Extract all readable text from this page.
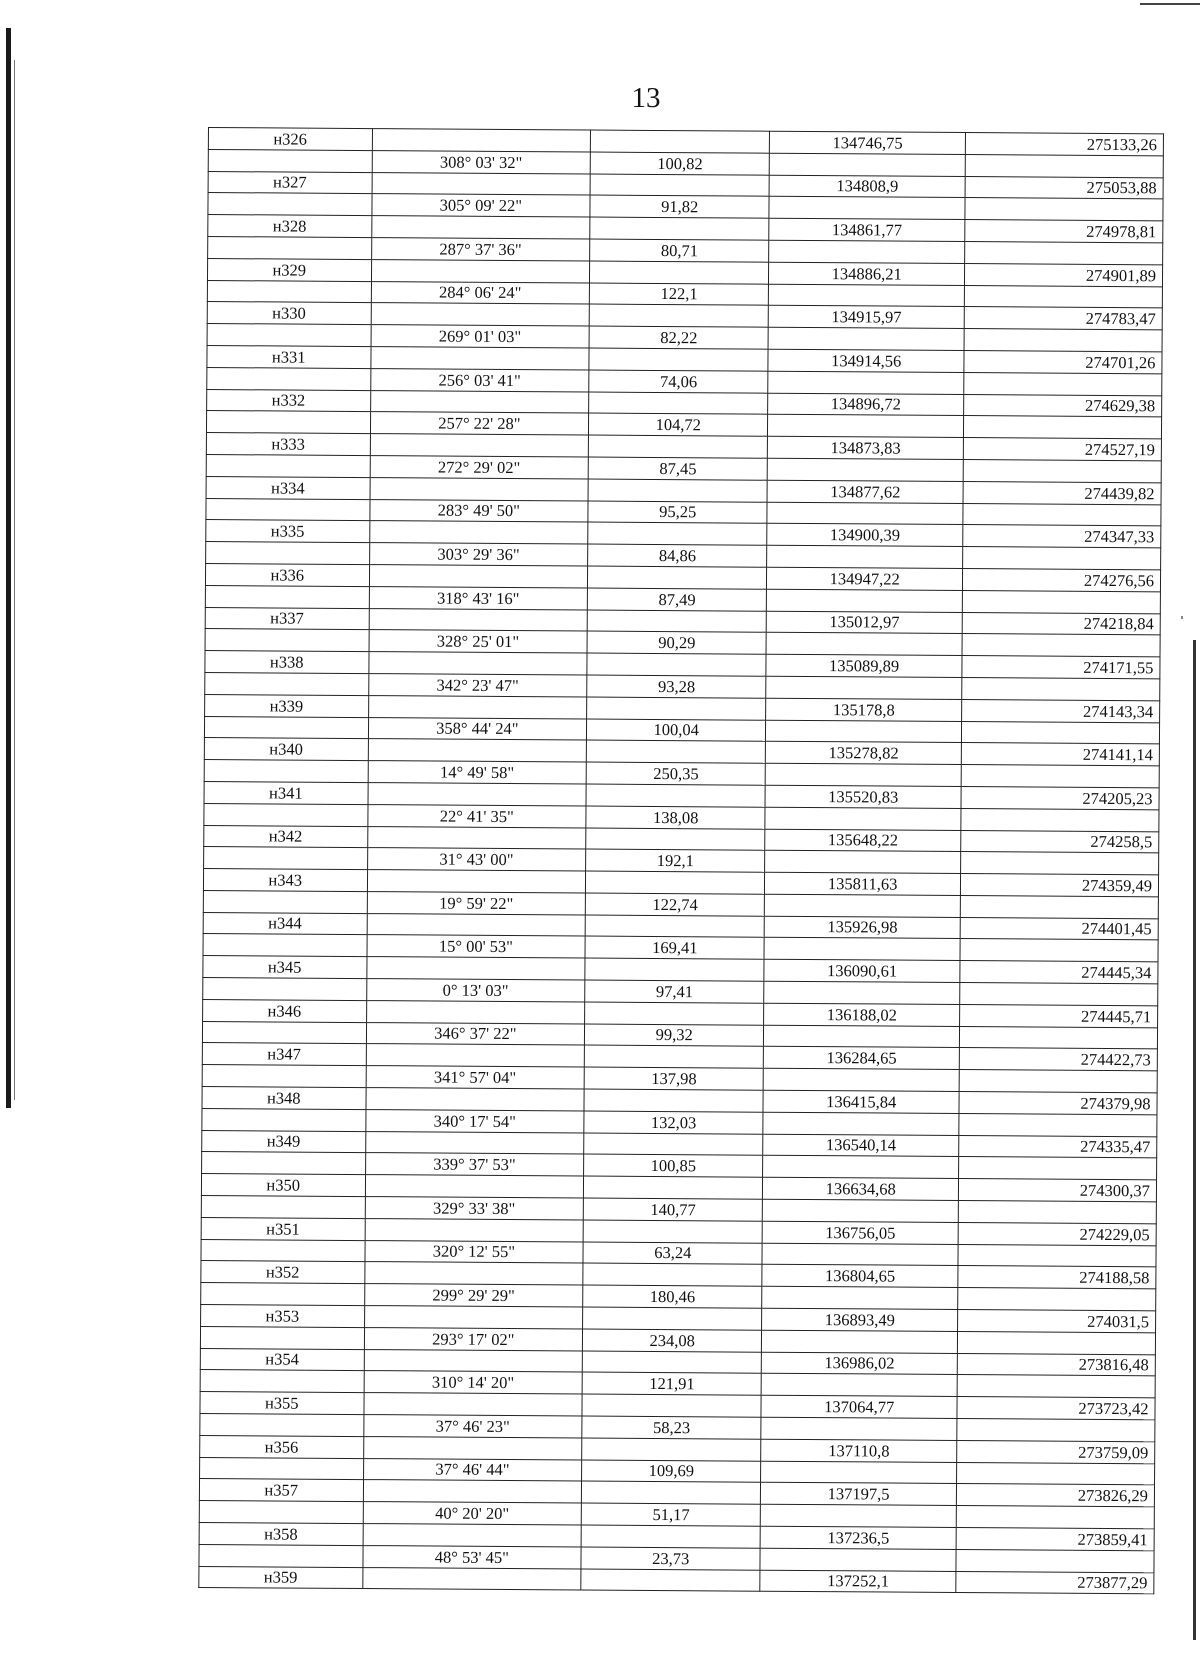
13
н326			134746,75	275133,26
	308° 03' 32"	100,82		
н327			134808,9	275053,88
	305° 09' 22"	91,82		
н328			134861,77	274978,81
	287° 37' 36"	80,71		
н329			134886,21	274901,89
	284° 06' 24"	122,1		
н330			134915,97	274783,47
	269° 01' 03"	82,22		
н331			134914,56	274701,26
	256° 03' 41"	74,06		
н332			134896,72	274629,38
	257° 22' 28"	104,72		
н333			134873,83	274527,19
	272° 29' 02"	87,45		
н334			134877,62	274439,82
	283° 49' 50"	95,25		
н335			134900,39	274347,33
	303° 29' 36"	84,86		
н336			134947,22	274276,56
	318° 43' 16"	87,49		
н337			135012,97	274218,84
	328° 25' 01"	90,29		
н338			135089,89	274171,55
	342° 23' 47"	93,28		
н339			135178,8	274143,34
	358° 44' 24"	100,04		
н340			135278,82	274141,14
	14° 49' 58"	250,35		
н341			135520,83	274205,23
	22° 41' 35"	138,08		
н342			135648,22	274258,5
	31° 43' 00"	192,1		
н343			135811,63	274359,49
	19° 59' 22"	122,74		
н344			135926,98	274401,45
	15° 00' 53"	169,41		
н345			136090,61	274445,34
	0° 13' 03"	97,41		
н346			136188,02	274445,71
	346° 37' 22"	99,32		
н347			136284,65	274422,73
	341° 57' 04"	137,98		
н348			136415,84	274379,98
	340° 17' 54"	132,03		
н349			136540,14	274335,47
	339° 37' 53"	100,85		
н350			136634,68	274300,37
	329° 33' 38"	140,77		
н351			136756,05	274229,05
	320° 12' 55"	63,24		
н352			136804,65	274188,58
	299° 29' 29"	180,46		
н353			136893,49	274031,5
	293° 17' 02"	234,08		
н354			136986,02	273816,48
	310° 14' 20"	121,91		
н355			137064,77	273723,42
	37° 46' 23"	58,23		
н356			137110,8	273759,09
	37° 46' 44"	109,69		
н357			137197,5	273826,29
	40° 20' 20"	51,17		
н358			137236,5	273859,41
	48° 53' 45"	23,73		
н359			137252,1	273877,29
